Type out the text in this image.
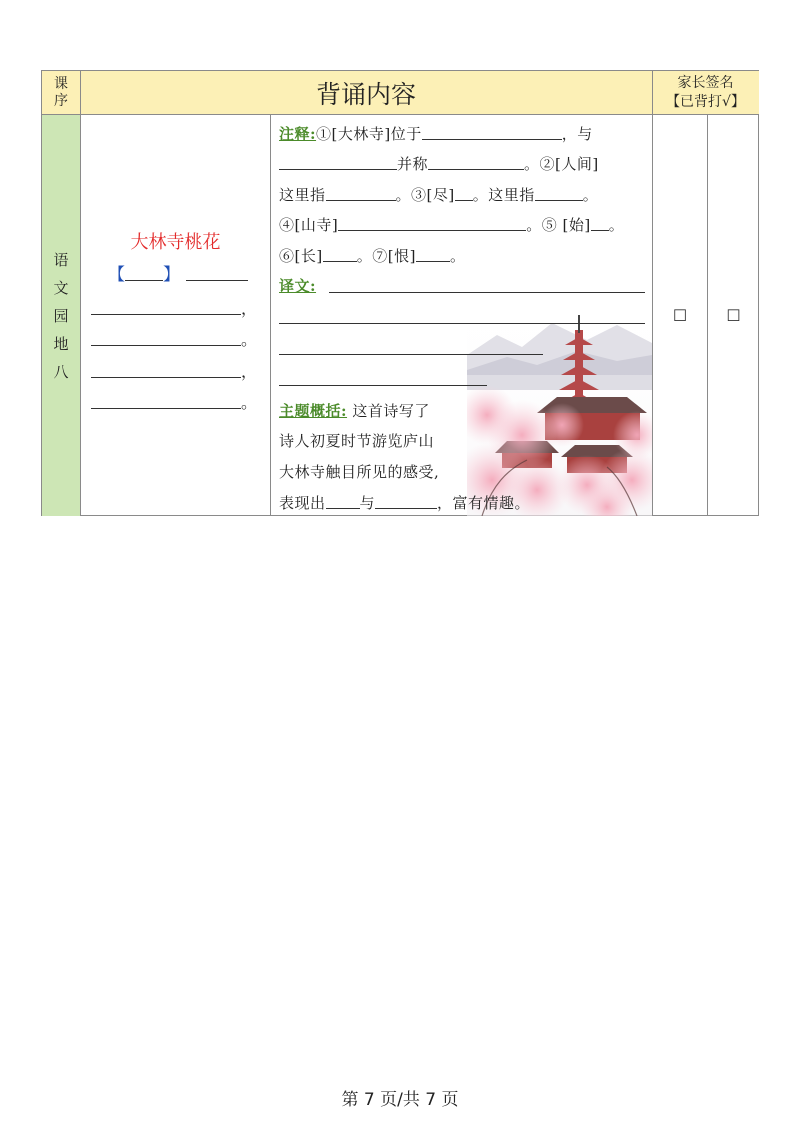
课序	背诵内容	家长签名
【已背打√】
语
文
园
地
八
大林寺桃花
【 】
，
。
，
。
注释:①[大林寺]位于	，与
并称	。②[人间]
这里指	。③[尽] 。这里指	。
④[山寺]	。⑤ [始] 。
⑥[长] 。⑦[恨] 。
译文:
主题概括: 这首诗写了
诗人初夏时节游览庐山
大林寺触目所见的感受,
表现出 与	，富有情趣。
☐ ☐
第 7 页/共 7 页
